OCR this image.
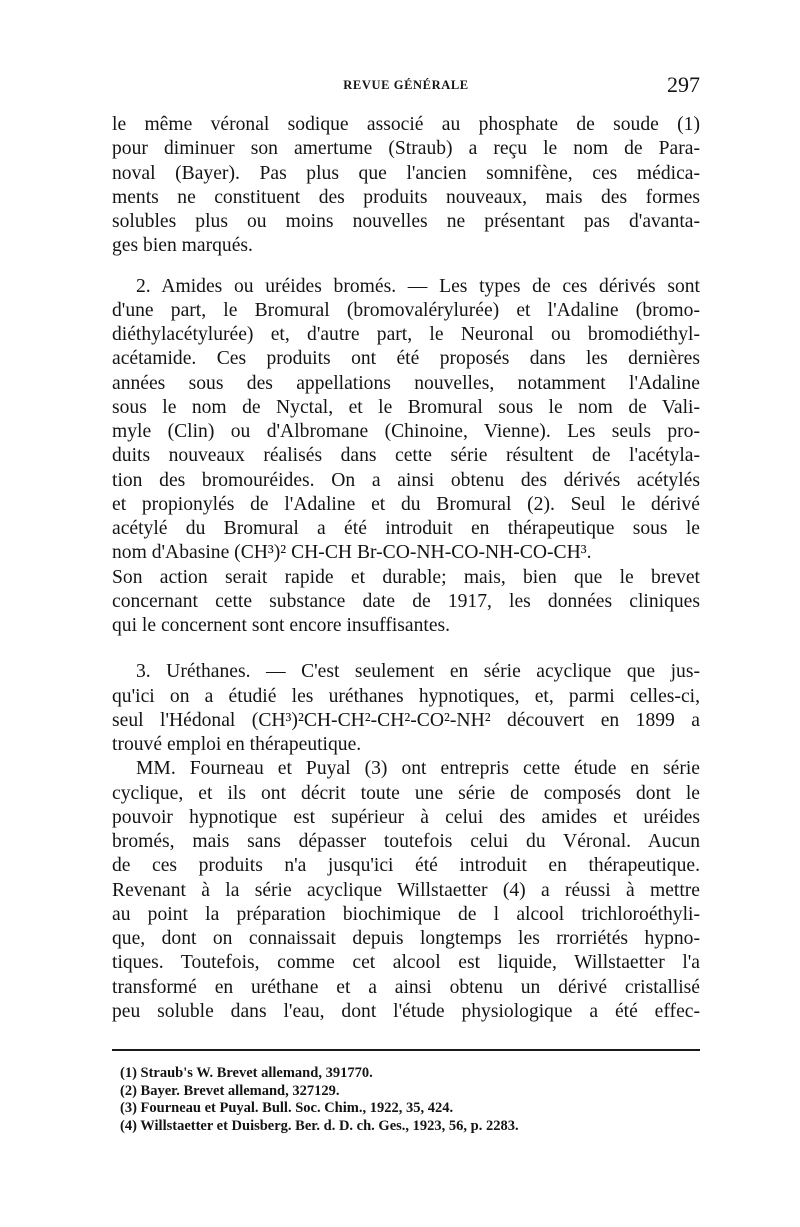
REVUE GÉNÉRALE	297
le même véronal sodique associé au phosphate de soude (1)
pour diminuer son amertume (Straub) a reçu le nom de Para-
noval (Bayer). Pas plus que l'ancien somnifène, ces médica-
ments ne constituent des produits nouveaux, mais des formes
solubles plus ou moins nouvelles ne présentant pas d'avanta-
ges bien marqués.
2. Amides ou uréides bromés. — Les types de ces dérivés sont
d'une part, le Bromural (bromovalérylurée) et l'Adaline (bromo-
diéthylacétylurée) et, d'autre part, le Neuronal ou bromodiéthyl-
acétamide. Ces produits ont été proposés dans les dernières
années sous des appellations nouvelles, notamment l'Adaline
sous le nom de Nyctal, et le Bromural sous le nom de Vali-
myle (Clin) ou d'Albromane (Chinoine, Vienne). Les seuls pro-
duits nouveaux réalisés dans cette série résultent de l'acétyla-
tion des bromouréides. On a ainsi obtenu des dérivés acétylés
et propionylés de l'Adaline et du Bromural (2). Seul le dérivé
acétylé du Bromural a été introduit en thérapeutique sous le
nom d'Abasine (CH³)² CH-CH Br-CO-NH-CO-NH-CO-CH³.
Son action serait rapide et durable; mais, bien que le brevet
concernant cette substance date de 1917, les données cliniques
qui le concernent sont encore insuffisantes.
3. Uréthanes. — C'est seulement en série acyclique que jus-
qu'ici on a étudié les uréthanes hypnotiques, et, parmi celles-ci,
seul l'Hédonal (CH³)²CH-CH²-CH²-CO²-NH² découvert en 1899 a
trouvé emploi en thérapeutique.
MM. Fourneau et Puyal (3) ont entrepris cette étude en série
cyclique, et ils ont décrit toute une série de composés dont le
pouvoir hypnotique est supérieur à celui des amides et uréides
bromés, mais sans dépasser toutefois celui du Véronal. Aucun
de ces produits n'a jusqu'ici été introduit en thérapeutique.
Revenant à la série acyclique Willstaetter (4) a réussi à mettre
au point la préparation biochimique de l alcool trichloroéthyli-
que, dont on connaissait depuis longtemps les rrorriétés hypno-
tiques. Toutefois, comme cet alcool est liquide, Willstaetter l'a
transformé en uréthane et a ainsi obtenu un dérivé cristallisé
peu soluble dans l'eau, dont l'étude physiologique a été effec-
(1) Straub's W. Brevet allemand, 391770.
(2) Bayer. Brevet allemand, 327129.
(3) Fourneau et Puyal. Bull. Soc. Chim., 1922, 35, 424.
(4) Willstaetter et Duisberg. Ber. d. D. ch. Ges., 1923, 56, p. 2283.
